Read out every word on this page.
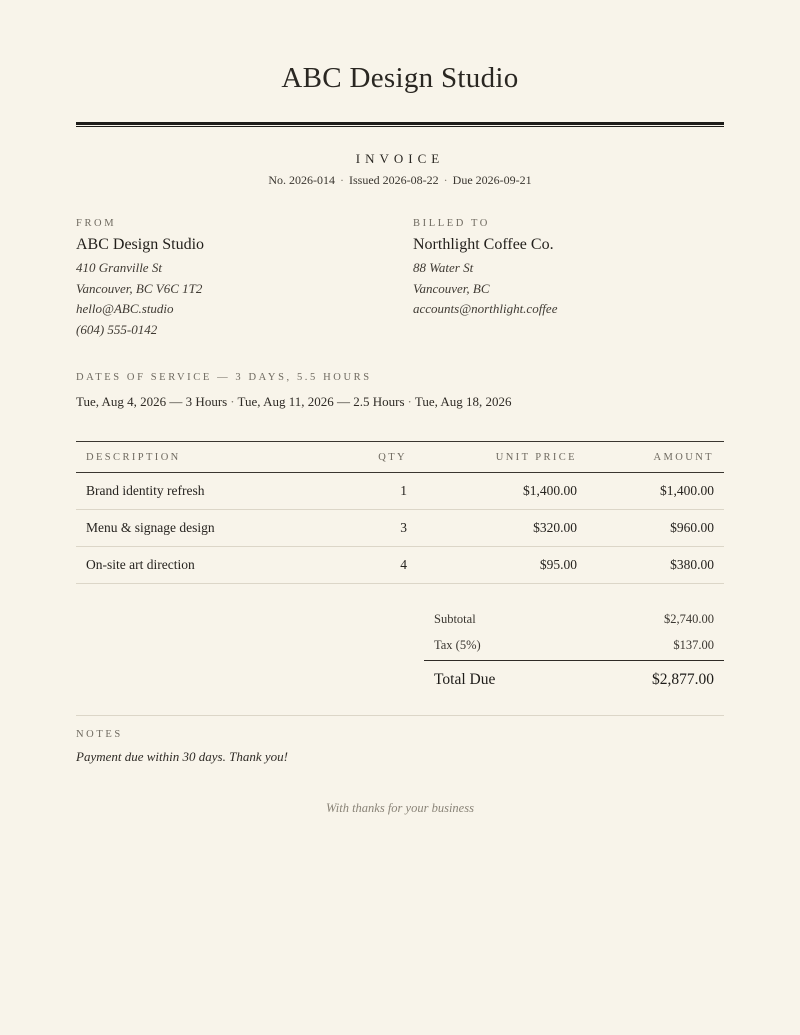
ABC Design Studio
INVOICE
No. 2026-014 · Issued 2026-08-22 · Due 2026-09-21
FROM
ABC Design Studio
410 Granville St
Vancouver, BC V6C 1T2
hello@ABC.studio
(604) 555-0142
BILLED TO
Northlight Coffee Co.
88 Water St
Vancouver, BC
accounts@northlight.coffee
DATES OF SERVICE — 3 DAYS, 5.5 HOURS
Tue, Aug 4, 2026 — 3 Hours · Tue, Aug 11, 2026 — 2.5 Hours · Tue, Aug 18, 2026
DESCRIPTION	QTY	UNIT PRICE	AMOUNT
Brand identity refresh	1	$1,400.00	$1,400.00
Menu & signage design	3	$320.00	$960.00
On-site art direction	4	$95.00	$380.00
Subtotal	$2,740.00
Tax (5%)	$137.00
Total Due	$2,877.00
NOTES
Payment due within 30 days. Thank you!
With thanks for your business
